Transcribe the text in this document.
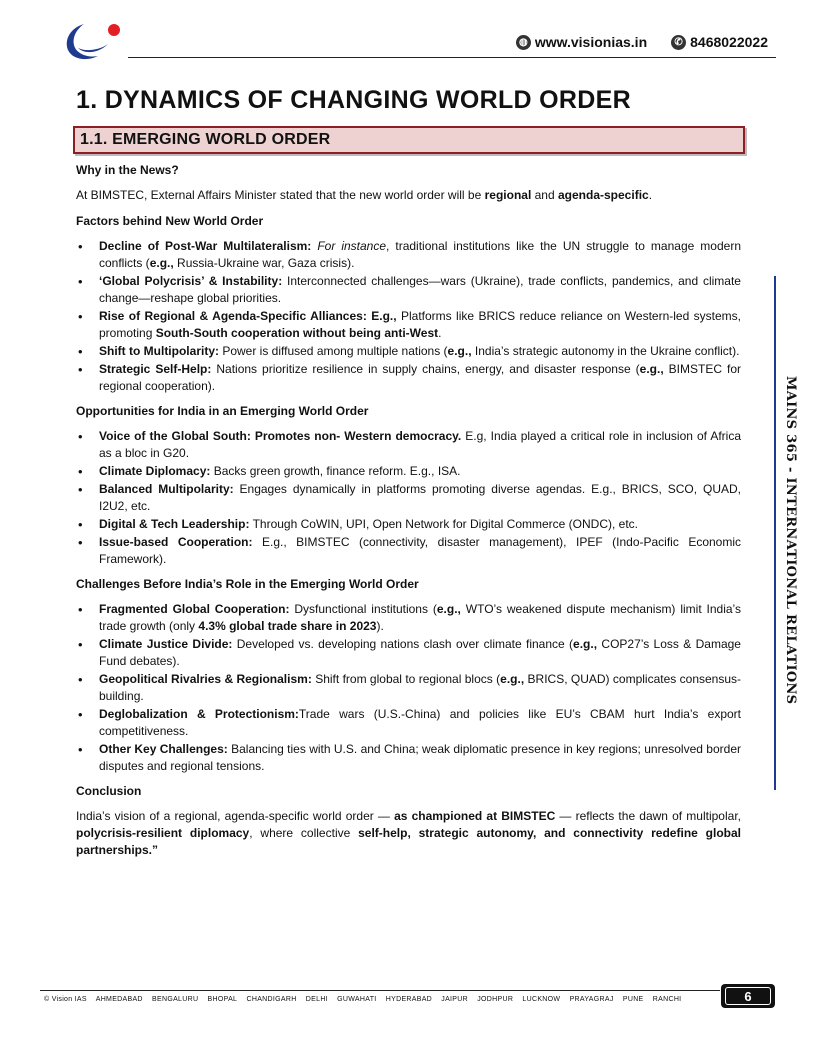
◍ www.visionias.in	✆ 8468022022
1. DYNAMICS OF CHANGING WORLD ORDER
1.1. EMERGING WORLD ORDER
Why in the News?
At BIMSTEC, External Affairs Minister stated that the new world order will be regional and agenda-specific.
Factors behind New World Order
• Decline of Post-War Multilateralism: For instance, traditional institutions like the UN struggle to manage modern conflicts (e.g., Russia-Ukraine war, Gaza crisis).
• ‘Global Polycrisis’ & Instability: Interconnected challenges—wars (Ukraine), trade conflicts, pandemics, and climate change—reshape global priorities.
• Rise of Regional & Agenda-Specific Alliances: E.g., Platforms like BRICS reduce reliance on Western-led systems, promoting South-South cooperation without being anti-West.
• Shift to Multipolarity: Power is diffused among multiple nations (e.g., India’s strategic autonomy in the Ukraine conflict).
• Strategic Self-Help: Nations prioritize resilience in supply chains, energy, and disaster response (e.g., BIMSTEC for regional cooperation).
Opportunities for India in an Emerging World Order
• Voice of the Global South: Promotes non- Western democracy. E.g, India played a critical role in inclusion of Africa as a bloc in G20.
• Climate Diplomacy: Backs green growth, finance reform. E.g., ISA.
• Balanced Multipolarity: Engages dynamically in platforms promoting diverse agendas. E.g., BRICS, SCO, QUAD, I2U2, etc.
• Digital & Tech Leadership: Through CoWIN, UPI, Open Network for Digital Commerce (ONDC), etc.
• Issue-based Cooperation: E.g., BIMSTEC (connectivity, disaster management), IPEF (Indo-Pacific Economic Framework).
Challenges Before India’s Role in the Emerging World Order
• Fragmented Global Cooperation: Dysfunctional institutions (e.g., WTO’s weakened dispute mechanism) limit India’s trade growth (only 4.3% global trade share in 2023).
• Climate Justice Divide: Developed vs. developing nations clash over climate finance (e.g., COP27’s Loss & Damage Fund debates).
• Geopolitical Rivalries & Regionalism: Shift from global to regional blocs (e.g., BRICS, QUAD) complicates consensus-building.
• Deglobalization & Protectionism:Trade wars (U.S.-China) and policies like EU’s CBAM hurt India’s export competitiveness.
• Other Key Challenges: Balancing ties with U.S. and China; weak diplomatic presence in key regions; unresolved border disputes and regional tensions.
Conclusion
India’s vision of a regional, agenda-specific world order — as championed at BIMSTEC — reflects the dawn of multipolar, polycrisis-resilient diplomacy, where collective self-help, strategic autonomy, and connectivity redefine global partnerships.”
MAINS 365 - INTERNATIONAL RELATIONS
© Vision IAS AHMEDABAD BENGALURU BHOPAL CHANDIGARH DELHI GUWAHATI HYDERABAD JAIPUR JODHPUR LUCKNOW PRAYAGRAJ PUNE RANCHI	6
